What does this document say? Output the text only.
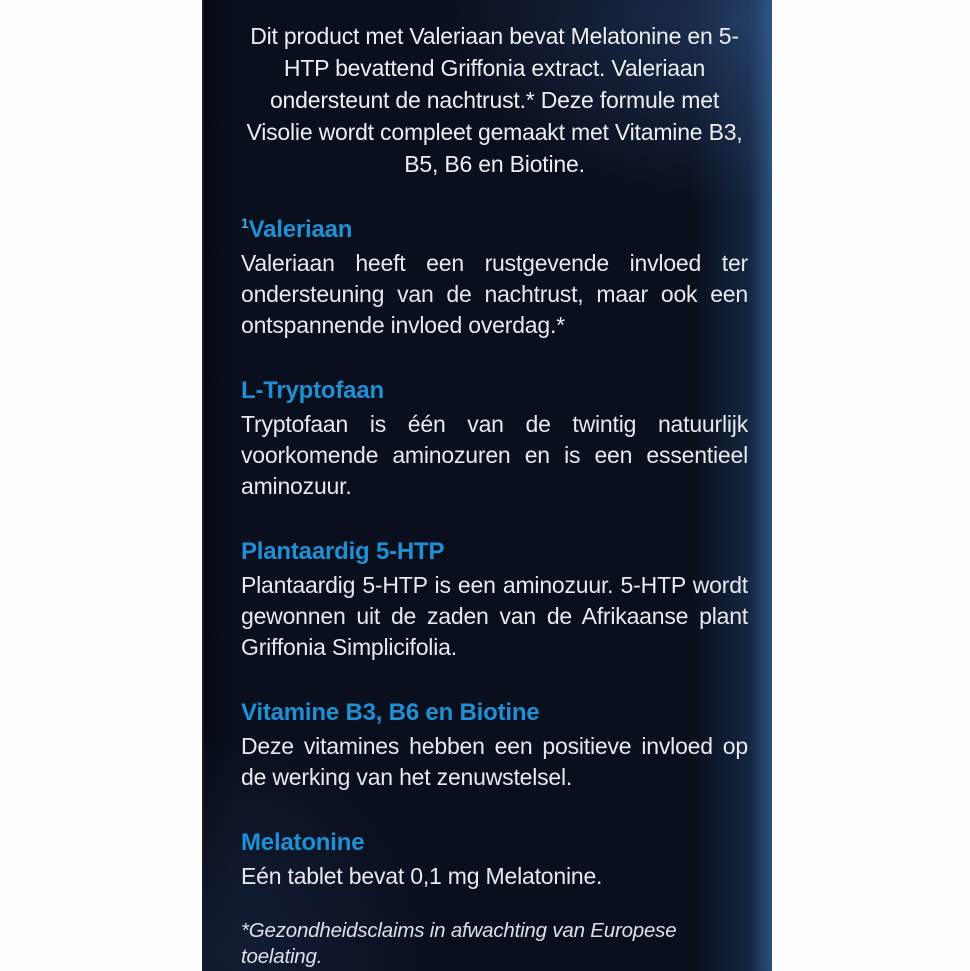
Dit product met Valeriaan bevat Melatonine en 5-HTP bevattend Griffonia extract. Valeriaan ondersteunt de nachtrust.* Deze formule met Visolie wordt compleet gemaakt met Vitamine B3, B5, B6 en Biotine.

$^1$Valeriaan

Valeriaan heeft een rustgevende invloed ter ondersteuning van de nachtrust, maar ook een ontspannende invloed overdag.*

L-Tryptofaan

Tryptofaan is één van de twintig natuurlijk voorkomende aminozuren en is een essentieel aminozuur.

Plantaardig 5-HTP

Plantaardig 5-HTP is een aminozuur. 5-HTP wordt gewonnen uit de zaden van de Afrikaanse plant Griffonia Simplicifolia.

Vitamine B3, B6 en Biotine

Deze vitamines hebben een positieve invloed op de werking van het zenuwstelsel.

Melatonine

Eén tablet bevat 0,1 mg Melatonine.

*Gezondheidsclaims in afwachting van Europese toelating.
